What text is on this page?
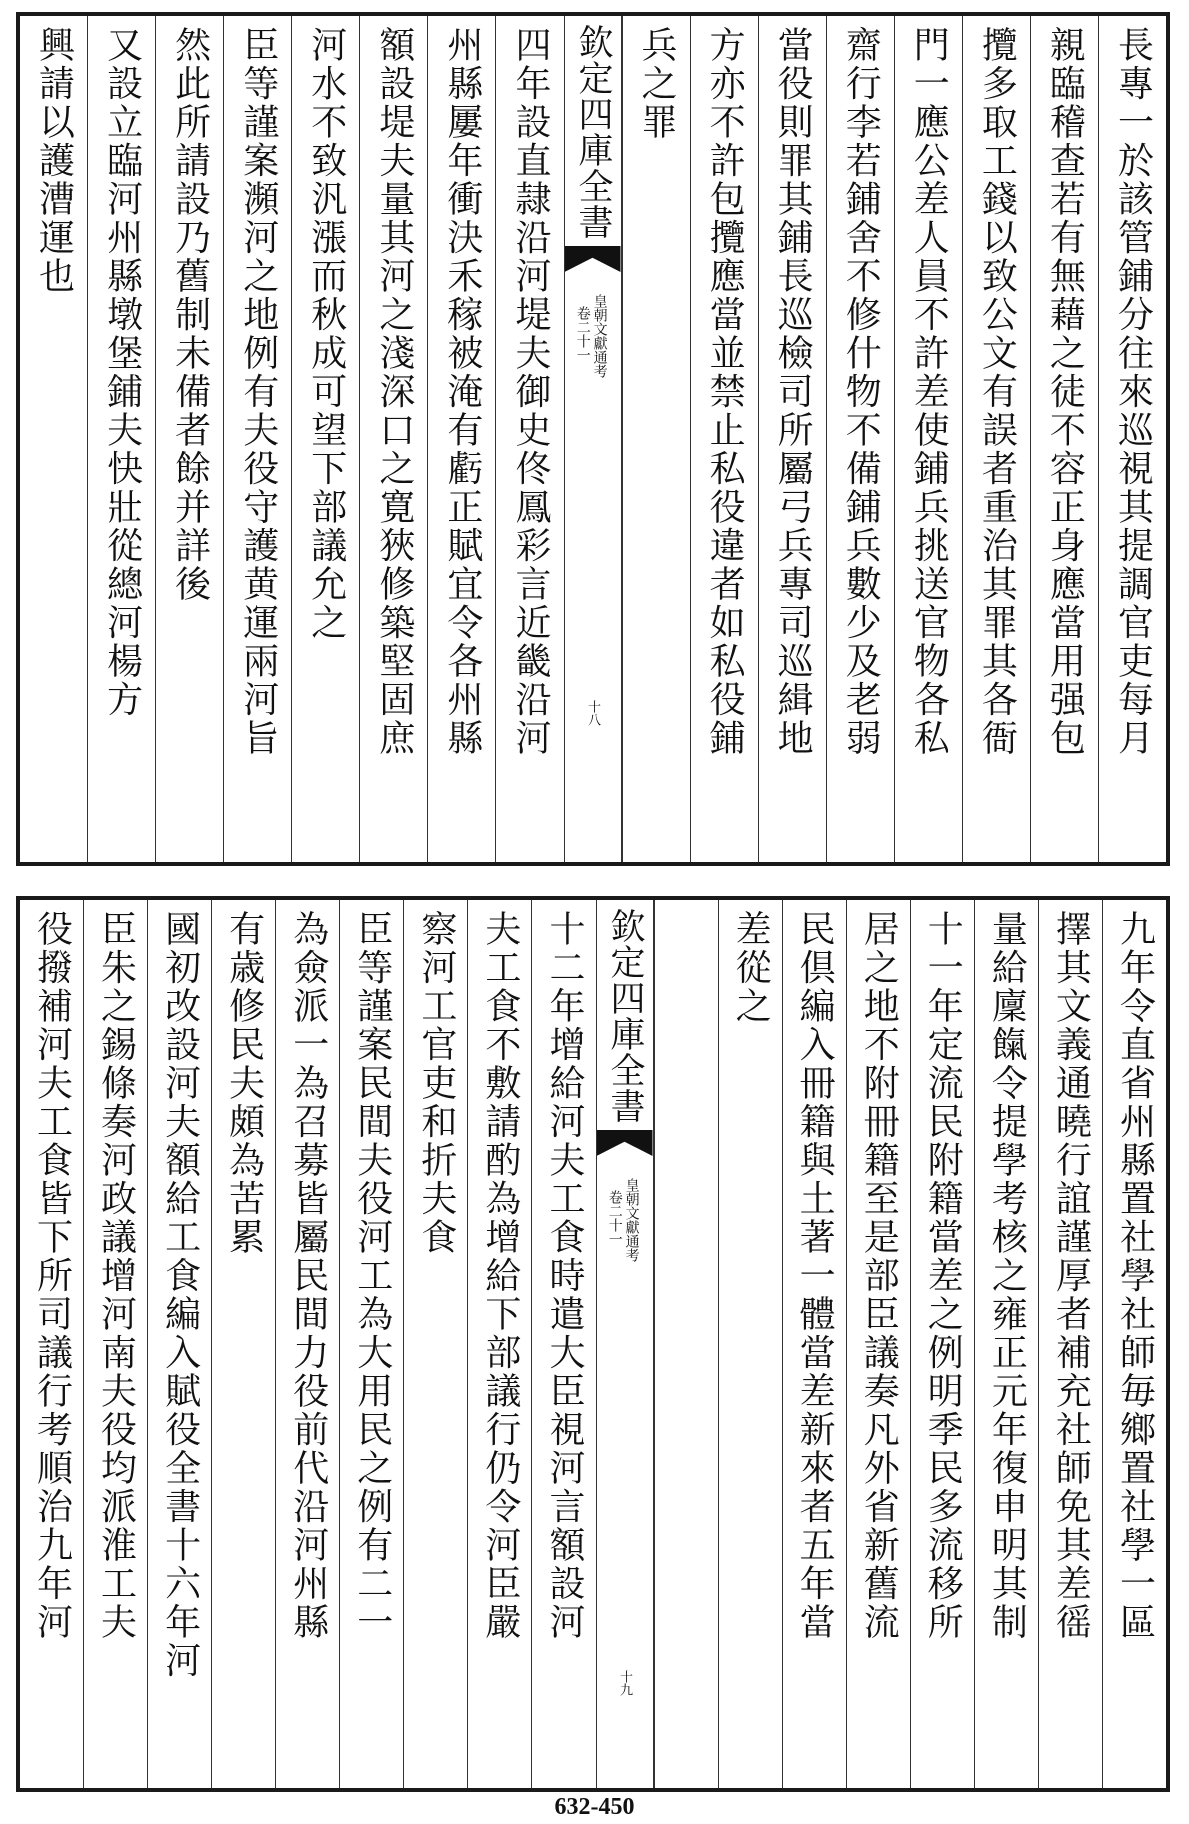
長專一於該管鋪分往來巡視其提調官吏每月
親臨稽查若有無藉之徒不容正身應當用强包
攬多取工錢以致公文有誤者重治其罪其各衙
門一應公差人員不許差使鋪兵挑送官物各私
齋行李若鋪舍不修什物不備鋪兵數少及老弱
當役則罪其鋪長巡檢司所屬弓兵專司巡緝地
方亦不許包攬應當並禁止私役違者如私役鋪
兵之罪
欽定四庫全書
皇朝文獻通考
卷二十一
十八
四年設直隷沿河堤夫御史佟鳳彩言近畿沿河
州縣屢年衝決禾稼被淹有虧正賦宜令各州縣
額設堤夫量其河之淺深口之寛狹修築堅固庶
河水不致汎漲而秋成可望下部議允之
臣等謹案瀕河之地例有夫役守護黄運兩河旨
然此所請設乃舊制未備者餘并詳後
又設立臨河州縣墩堡鋪夫快壯從總河楊方
興請以護漕運也
九年令直省州縣置社學社師毎鄉置社學一區
擇其文義通曉行誼謹厚者補充社師免其差徭
量給廩餼令提學考核之雍正元年復申明其制
十一年定流民附籍當差之例明季民多流移所
居之地不附冊籍至是部臣議奏凡外省新舊流
民倶編入冊籍與土著一體當差新來者五年當
差從之
欽定四庫全書
皇朝文獻通考
卷二十一
十九
十二年增給河夫工食時遣大臣視河言額設河
夫工食不敷請酌為增給下部議行仍令河臣嚴
察河工官吏和折夫食
臣等謹案民間夫役河工為大用民之例有二一
為僉派一為召募皆屬民間力役前代沿河州縣
有歳修民夫頗為苦累
國初改設河夫額給工食編入賦役全書十六年河
臣朱之錫條奏河政議增河南夫役均派淮工夫
役撥補河夫工食皆下所司議行考順治九年河
632-450
